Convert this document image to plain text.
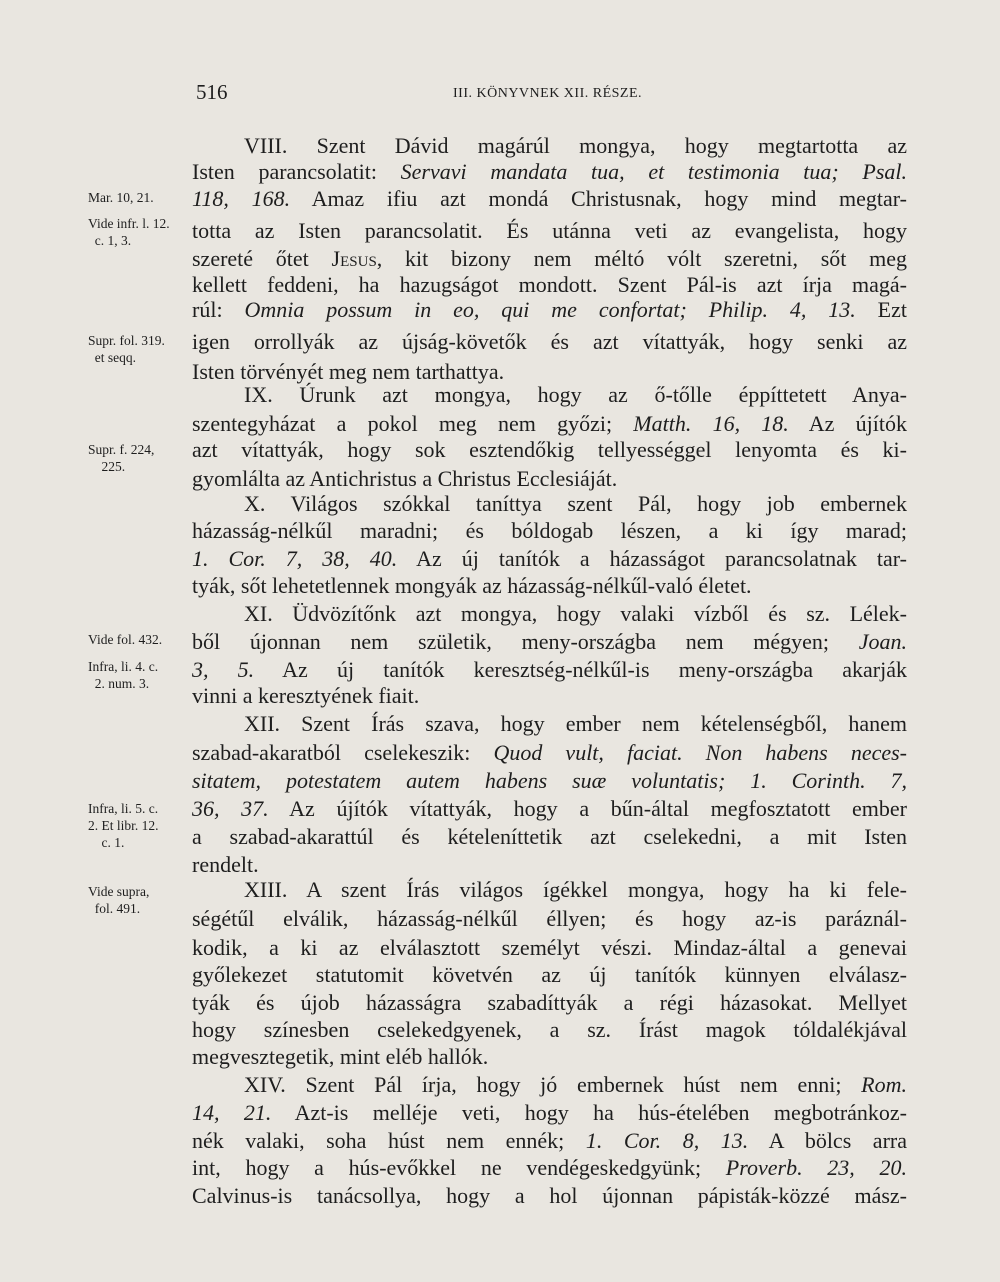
516	III. KÖNYVNEK XII. RÉSZE.
Mar. 10, 21.
Vide infr. l. 12.
c. 1, 3.
Supr. fol. 319.
et seqq.
Supr. f. 224,
225.
Vide fol. 432.
Infra, li. 4. c.
2. num. 3.
Infra, li. 5. c.
2. Et libr. 12.
c. 1.
Vide supra,
fol. 491.
VIII. Szent Dávid magárúl mongya, hogy megtartotta az
Isten parancsolatit: Servavi mandata tua, et testimonia tua; Psal.
118, 168. Amaz ifiu azt mondá Christusnak, hogy mind megtar-
totta az Isten parancsolatit. És utánna veti az evangelista, hogy
szereté őtet Jesus, kit bizony nem méltó vólt szeretni, sőt meg
kellett feddeni, ha hazugságot mondott. Szent Pál-is azt írja magá-
rúl: Omnia possum in eo, qui me confortat; Philip. 4, 13. Ezt
igen orrollyák az újság-követők és azt vítattyák, hogy senki az
Isten törvényét meg nem tarthattya.
IX. Úrunk azt mongya, hogy az ő-tőlle éppíttetett Anya-
szentegyházat a pokol meg nem győzi; Matth. 16, 18. Az újítók
azt vítattyák, hogy sok esztendőkig tellyességgel lenyomta és ki-
gyomlálta az Antichristus a Christus Ecclesiáját.
X. Világos szókkal taníttya szent Pál, hogy job embernek
házasság-nélkűl maradni; és bóldogab lészen, a ki így marad;
1. Cor. 7, 38, 40. Az új tanítók a házasságot parancsolatnak tar-
tyák, sőt lehetetlennek mongyák az házasság-nélkűl-való életet.
XI. Üdvözítőnk azt mongya, hogy valaki vízből és sz. Lélek-
ből újonnan nem születik, meny-országba nem mégyen; Joan.
3, 5. Az új tanítók keresztség-nélkűl-is meny-országba akarják
vinni a keresztyének fiait.
XII. Szent Írás szava, hogy ember nem kételenségből, hanem
szabad-akaratból cselekeszik: Quod vult, faciat. Non habens neces-
sitatem, potestatem autem habens suæ voluntatis; 1. Corinth. 7,
36, 37. Az újítók vítattyák, hogy a bűn-által megfosztatott ember
a szabad-akarattúl és kételeníttetik azt cselekedni, a mit Isten
rendelt.
XIII. A szent Írás világos ígékkel mongya, hogy ha ki fele-
ségétűl elválik, házasság-nélkűl éllyen; és hogy az-is paráznál-
kodik, a ki az elválasztott személyt vészi. Mindaz-által a genevai
győlekezet statutomit követvén az új tanítók künnyen elválasz-
tyák és újob házasságra szabadíttyák a régi házasokat. Mellyet
hogy színesben cselekedgyenek, a sz. Írást magok tóldalékjával
megvesztegetik, mint eléb hallók.
XIV. Szent Pál írja, hogy jó embernek húst nem enni; Rom.
14, 21. Azt-is melléje veti, hogy ha hús-ételében megbotránkoz-
nék valaki, soha húst nem ennék; 1. Cor. 8, 13. A bölcs arra
int, hogy a hús-evőkkel ne vendégeskedgyünk; Proverb. 23, 20.
Calvinus-is tanácsollya, hogy a hol újonnan pápisták-közzé mász-
